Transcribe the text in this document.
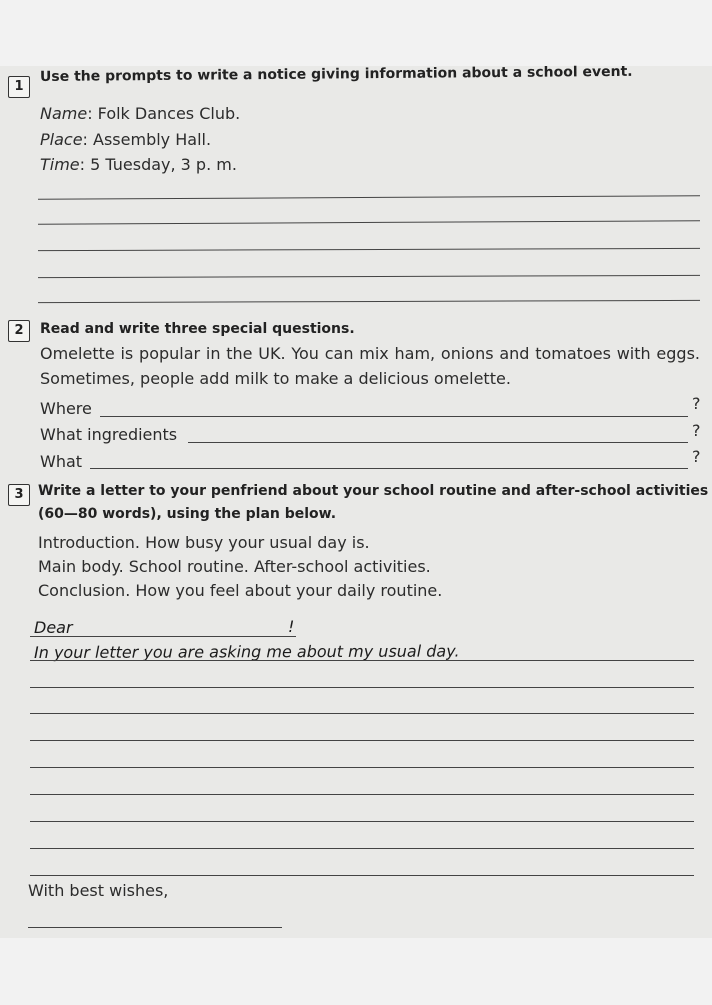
1
Use the prompts to write a notice giving information about a school event.
Name: Folk Dances Club.
Place: Assembly Hall.
Time: 5 Tuesday, 3 p. m.
2	Read and write three special questions.
Omelette is popular in the UK. You can mix ham, onions and tomatoes with eggs. Sometimes, people add milk to make a delicious omelette.
Where	?
What ingredients	?
What	?
3	Write a letter to your penfriend about your school routine and after-school activities
(60—80 words), using the plan below.
Introduction. How busy your usual day is.
Main body. School routine. After-school activities.
Conclusion. How you feel about your daily routine.
Dear	!
In your letter you are asking me about my usual day.
With best wishes,
